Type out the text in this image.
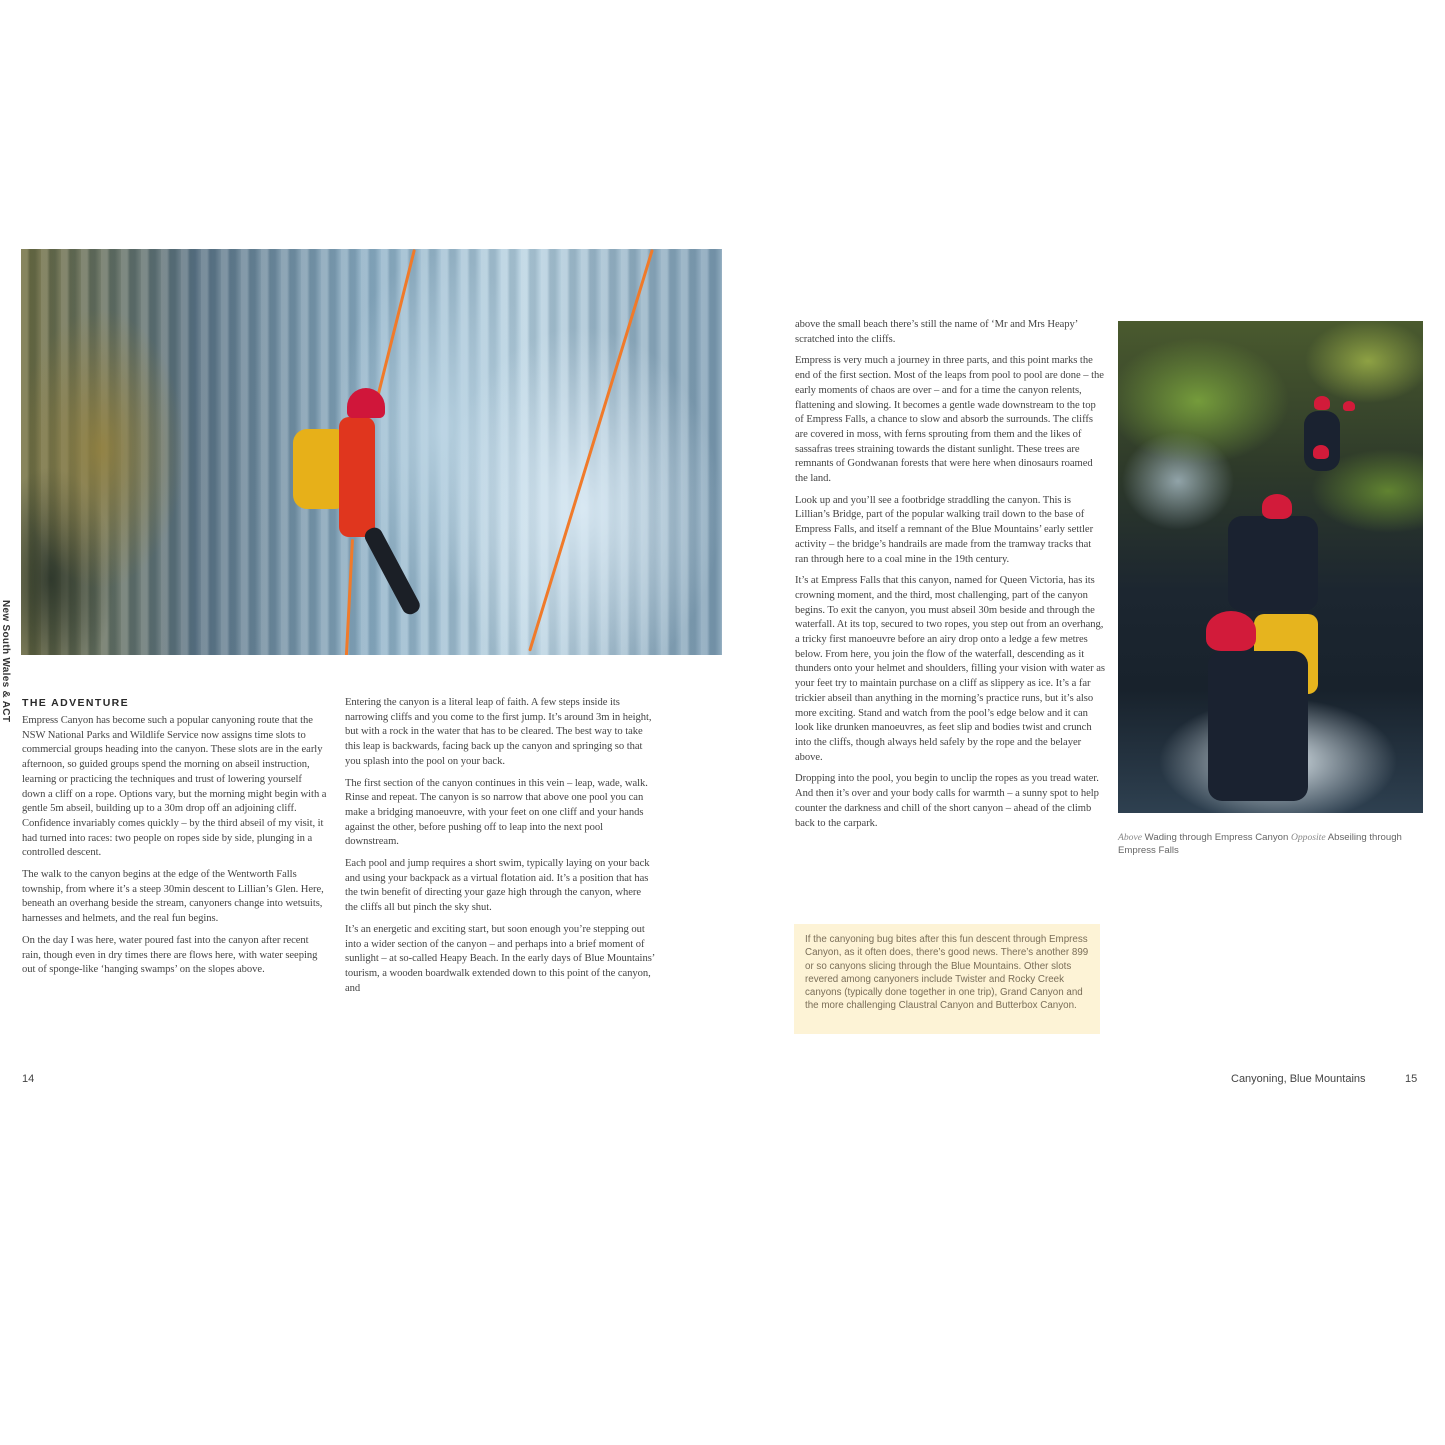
New South Wales & ACT THE ADVENTURE

Empress Canyon has become such a popular canyoning route that the NSW National Parks and Wildlife Service now assigns time slots to commercial groups heading into the canyon. These slots are in the early afternoon, so guided groups spend the morning on abseil instruction, learning or practicing the techniques and trust of lowering yourself down a cliff on a rope. Options vary, but the morning might begin with a gentle 5m abseil, building up to a 30m drop off an adjoining cliff. Confidence invariably comes quickly – by the third abseil of my visit, it had turned into races: two people on ropes side by side, plunging in a controlled descent.

The walk to the canyon begins at the edge of the Wentworth Falls township, from where it’s a steep 30min descent to Lillian’s Glen. Here, beneath an overhang beside the stream, canyoners change into wetsuits, harnesses and helmets, and the real fun begins.

On the day I was here, water poured fast into the canyon after recent rain, though even in dry times there are flows here, with water seeping out of sponge-like ‘hanging swamps’ on the slopes above.

Entering the canyon is a literal leap of faith. A few steps inside its narrowing cliffs and you come to the first jump. It’s around 3m in height, but with a rock in the water that has to be cleared. The best way to take this leap is backwards, facing back up the canyon and springing so that you splash into the pool on your back.

The first section of the canyon continues in this vein – leap, wade, walk. Rinse and repeat. The canyon is so narrow that above one pool you can make a bridging manoeuvre, with your feet on one cliff and your hands against the other, before pushing off to leap into the next pool downstream.

Each pool and jump requires a short swim, typically laying on your back and using your backpack as a virtual flotation aid. It’s a position that has the twin benefit of directing your gaze high through the canyon, where the cliffs all but pinch the sky shut.

It’s an energetic and exciting start, but soon enough you’re stepping out into a wider section of the canyon – and perhaps into a brief moment of sunlight – at so-called Heapy Beach. In the early days of Blue Mountains’ tourism, a wooden boardwalk extended down to this point of the canyon, and

above the small beach there’s still the name of ‘Mr and Mrs Heapy’ scratched into the cliffs.

Empress is very much a journey in three parts, and this point marks the end of the first section. Most of the leaps from pool to pool are done – the early moments of chaos are over – and for a time the canyon relents, flattening and slowing. It becomes a gentle wade downstream to the top of Empress Falls, a chance to slow and absorb the surrounds. The cliffs are covered in moss, with ferns sprouting from them and the likes of sassafras trees straining towards the distant sunlight. These trees are remnants of Gondwanan forests that were here when dinosaurs roamed the land.

Look up and you’ll see a footbridge straddling the canyon. This is Lillian’s Bridge, part of the popular walking trail down to the base of Empress Falls, and itself a remnant of the Blue Mountains’ early settler activity – the bridge’s handrails are made from the tramway tracks that ran through here to a coal mine in the 19th century.

It’s at Empress Falls that this canyon, named for Queen Victoria, has its crowning moment, and the third, most challenging, part of the canyon begins. To exit the canyon, you must abseil 30m beside and through the waterfall. At its top, secured to two ropes, you step out from an overhang, a tricky first manoeuvre before an airy drop onto a ledge a few metres below. From here, you join the flow of the waterfall, descending as it thunders onto your helmet and shoulders, filling your vision with water as your feet try to maintain purchase on a cliff as slippery as ice. It’s a far trickier abseil than anything in the morning’s practice runs, but it’s also more exciting. Stand and watch from the pool’s edge below and it can look like drunken manoeuvres, as feet slip and bodies twist and crunch into the cliffs, though always held safely by the rope and the belayer above.

Dropping into the pool, you begin to unclip the ropes as you tread water. And then it’s over and your body calls for warmth – a sunny spot to help counter the darkness and chill of the short canyon – ahead of the climb back to the carpark.

If the canyoning bug bites after this fun descent through Empress Canyon, as it often does, there’s good news. There’s another 899 or so canyons slicing through the Blue Mountains. Other slots revered among canyoners include Twister and Rocky Creek canyons (typically done together in one trip), Grand Canyon and the more challenging Claustral Canyon and Butterbox Canyon.
Above Wading through Empress Canyon Opposite Abseiling through Empress Falls
14	Canyoning, Blue Mountains	15
